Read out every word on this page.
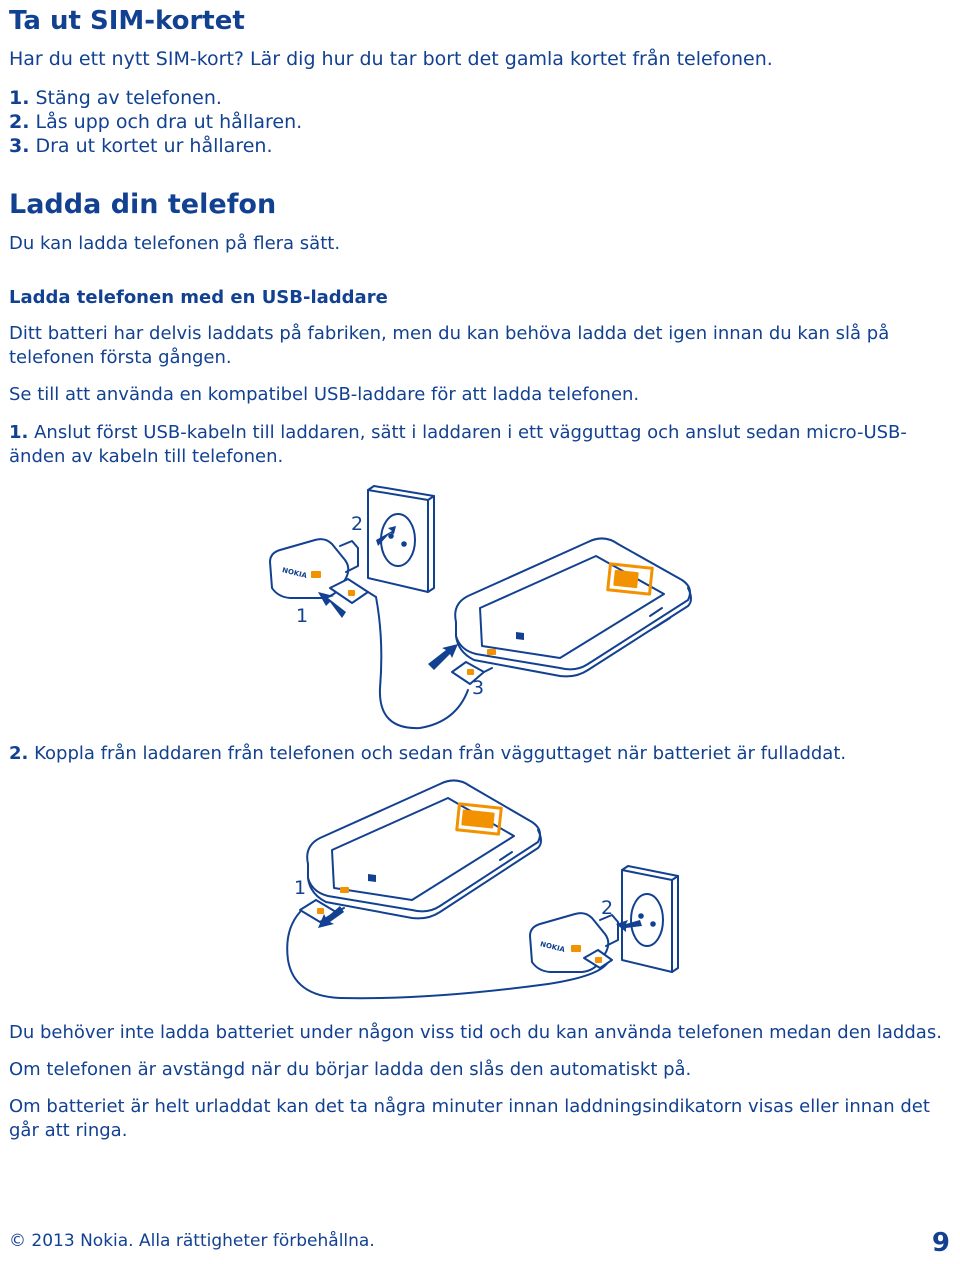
Ta ut SIM-kortet

Har du ett nytt SIM-kort? Lär dig hur du tar bort det gamla kortet från telefonen.

1. Stäng av telefonen.
2. Lås upp och dra ut hållaren.
3. Dra ut kortet ur hållaren.
Ladda din telefon

Du kan ladda telefonen på flera sätt.

Ladda telefonen med en USB-laddare

Ditt batteri har delvis laddats på fabriken, men du kan behöva ladda det igen innan du kan slå på telefonen första gången.

Se till att använda en kompatibel USB-laddare för att ladda telefonen.

1. Anslut först USB-kabeln till laddaren, sätt i laddaren i ett vägguttag och anslut sedan micro-USB-änden av kabeln till telefonen.

2
1
3
NOKIA

2. Koppla från laddaren från telefonen och sedan från vägguttaget när batteriet är fulladdat.

1
2
NOKIA

Du behöver inte ladda batteriet under någon viss tid och du kan använda telefonen medan den laddas.

Om telefonen är avstängd när du börjar ladda den slås den automatiskt på.

Om batteriet är helt urladdat kan det ta några minuter innan laddningsindikatorn visas eller innan det går att ringa.

© 2013 Nokia. Alla rättigheter förbehållna.	9
